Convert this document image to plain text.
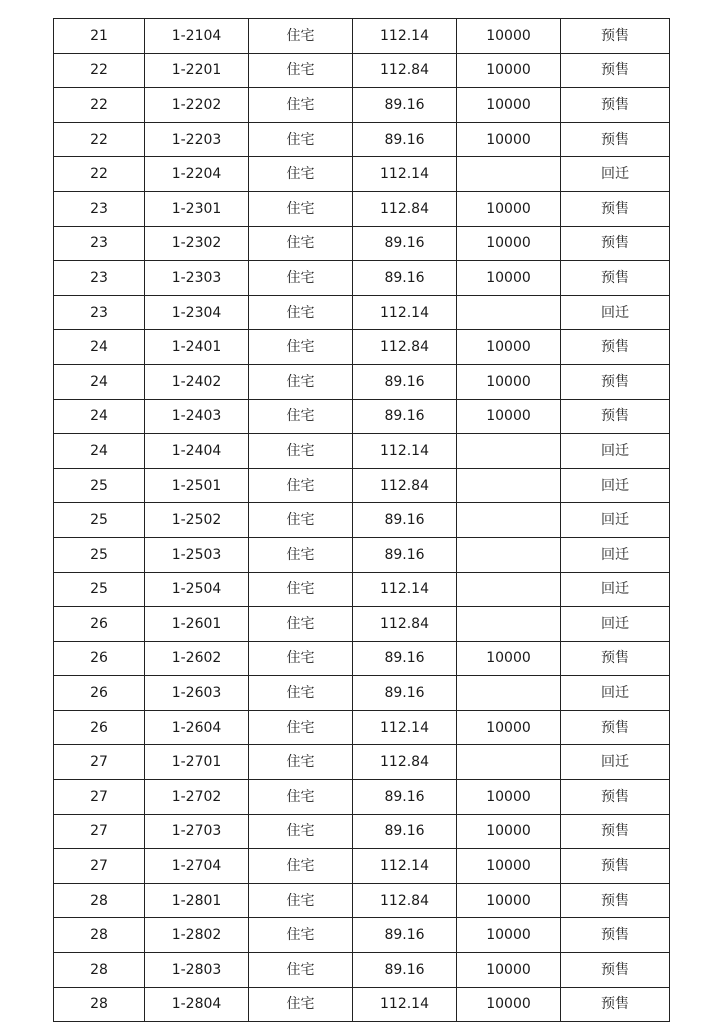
21	1-2104	住宅	112.14	10000	预售
22	1-2201	住宅	112.84	10000	预售
22	1-2202	住宅	89.16	10000	预售
22	1-2203	住宅	89.16	10000	预售
22	1-2204	住宅	112.14		回迁
23	1-2301	住宅	112.84	10000	预售
23	1-2302	住宅	89.16	10000	预售
23	1-2303	住宅	89.16	10000	预售
23	1-2304	住宅	112.14		回迁
24	1-2401	住宅	112.84	10000	预售
24	1-2402	住宅	89.16	10000	预售
24	1-2403	住宅	89.16	10000	预售
24	1-2404	住宅	112.14		回迁
25	1-2501	住宅	112.84		回迁
25	1-2502	住宅	89.16		回迁
25	1-2503	住宅	89.16		回迁
25	1-2504	住宅	112.14		回迁
26	1-2601	住宅	112.84		回迁
26	1-2602	住宅	89.16	10000	预售
26	1-2603	住宅	89.16		回迁
26	1-2604	住宅	112.14	10000	预售
27	1-2701	住宅	112.84		回迁
27	1-2702	住宅	89.16	10000	预售
27	1-2703	住宅	89.16	10000	预售
27	1-2704	住宅	112.14	10000	预售
28	1-2801	住宅	112.84	10000	预售
28	1-2802	住宅	89.16	10000	预售
28	1-2803	住宅	89.16	10000	预售
28	1-2804	住宅	112.14	10000	预售
